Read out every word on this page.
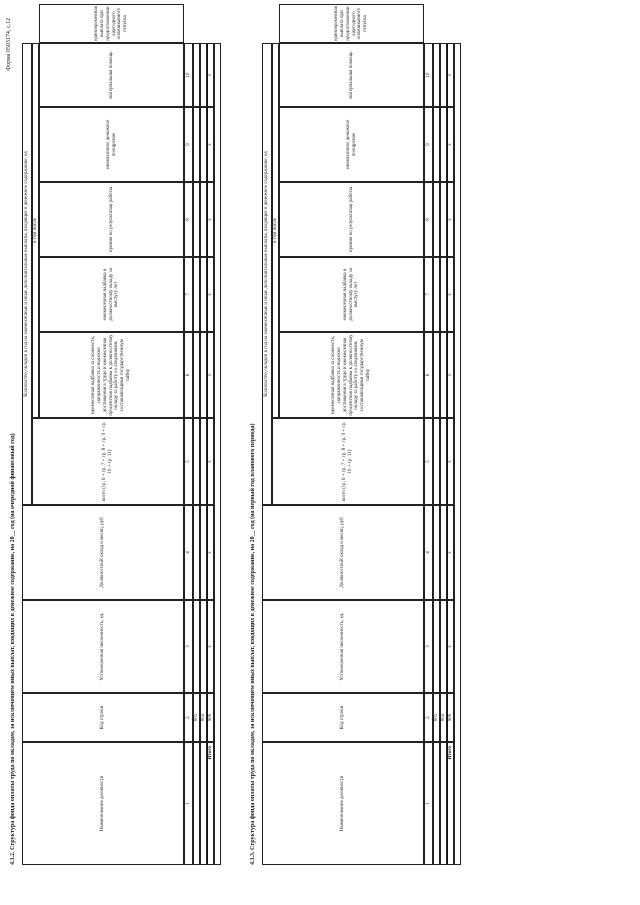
Форма 0503174, с.12
4.3.2. Структура фонда оплаты труда по окладам, за исключением иных выплат, входящих в денежное содержание, на 20__ год (на очередной финансовый год)	Наименование должности
Код строки
Установленная численность, ед.
Должностной оклад в месяц, руб
Количество окладов в год на ежемесячные и иные дополнительные выплаты, входящие в денежное содержание, ед
всего (гр. 6 + гр. 7 + гр. 8 + гр. 9 + гр. 10 + гр. 11)
в том числе
ежемесячная надбавка за сложность, напряженность и высокие достижения в труде и ежемесячная процентная надбавка к должностному окладу за работу со сведениями, составляющими государственную тайну
ежемесячная надбавка к должностному окладу за выслугу лет
премия по результатам работы
ежемесячное денежное поощрение
материальная помощь
единовременная выплата при предоставлении ежегодного оплачиваемого отпуска
1
2
3
4
5
6
7
8
9
10
001 002
Итого
900
x
x
x
x
x
x
x
x
4.3.3. Структура фонда оплаты труда по окладам, за исключением иных выплат, входящих в денежное содержание, на 20__ год (на первый год планового периода)	Наименование должности
Код строки
Установленная численность, ед.
Должностной оклад в месяц, руб
Количество окладов в год на ежемесячные и иные дополнительные выплаты, входящие в денежное содержание, ед
всего (гр. 6 + гр. 7 + гр. 8 + гр. 9 + гр. 10 + гр. 11)
в том числе
ежемесячная надбавка за сложность, напряженность и высокие достижения в труде и ежемесячная процентная надбавка к должностному окладу за работу со сведениями, составляющими государственную тайну
ежемесячная надбавка к должностному окладу за выслугу лет
премия по результатам работы
ежемесячное денежное поощрение
материальная помощь
единовременная выплата при предоставлении ежегодного оплачиваемого отпуска
1
2
3
4
5
6
7
8
9
10
001 002
Итого
900
x
x
x
x
x
x
x
x
